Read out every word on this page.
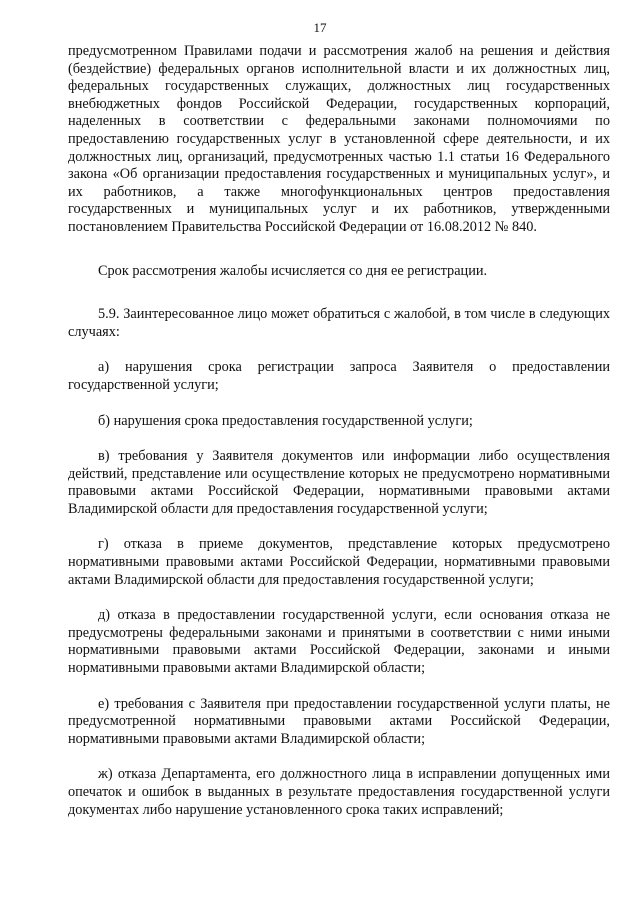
17

предусмотренном Правилами подачи и рассмотрения жалоб на решения и действия (бездействие) федеральных органов исполнительной власти и их должностных лиц, федеральных государственных служащих, должностных лиц государственных внебюджетных фондов Российской Федерации, государственных корпораций, наделенных в соответствии с федеральными законами полномочиями по предоставлению государственных услуг в установленной сфере деятельности, и их должностных лиц, организаций, предусмотренных частью 1.1 статьи 16 Федерального закона «Об организации предоставления государственных и муниципальных услуг», и их работников, а также многофункциональных центров предоставления государственных и муниципальных услуг и их работников, утвержденными постановлением Правительства Российской Федерации от 16.08.2012 № 840.

Срок рассмотрения жалобы исчисляется со дня ее регистрации.

5.9. Заинтересованное лицо может обратиться с жалобой, в том числе в следующих случаях:

а) нарушения срока регистрации запроса Заявителя о предоставлении государственной услуги;

б) нарушения срока предоставления государственной услуги;

в) требования у Заявителя документов или информации либо осуществления действий, представление или осуществление которых не предусмотрено нормативными правовыми актами Российской Федерации, нормативными правовыми актами Владимирской области для предоставления государственной услуги;

г) отказа в приеме документов, представление которых предусмотрено нормативными правовыми актами Российской Федерации, нормативными правовыми актами Владимирской области для предоставления государственной услуги;

д) отказа в предоставлении государственной услуги, если основания отказа не предусмотрены федеральными законами и принятыми в соответствии с ними иными нормативными правовыми актами Российской Федерации, законами и иными нормативными правовыми актами Владимирской области;

е) требования с Заявителя при предоставлении государственной услуги платы, не предусмотренной нормативными правовыми актами Российской Федерации, нормативными правовыми актами Владимирской области;

ж) отказа Департамента, его должностного лица в исправлении допущенных ими опечаток и ошибок в выданных в результате предоставления государственной услуги документах либо нарушение установленного срока таких исправлений;
